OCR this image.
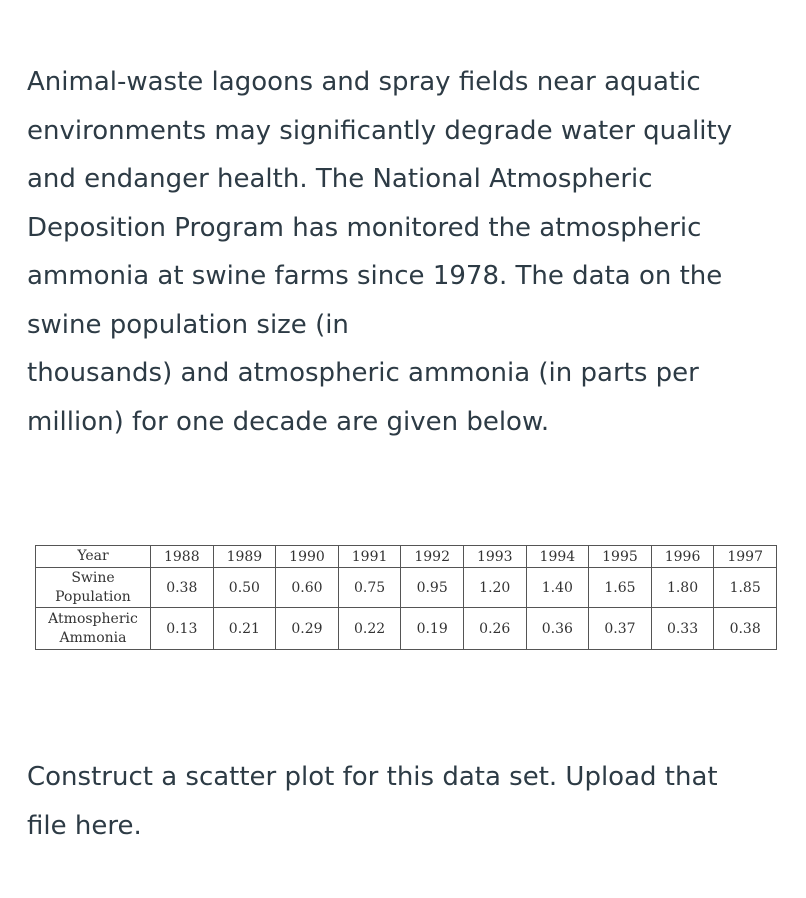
Animal-waste lagoons and spray fields near aquatic
environments may significantly degrade water quality
and endanger health. The National Atmospheric
Deposition Program has monitored the atmospheric
ammonia at swine farms since 1978. The data on the
swine population size (in
thousands) and atmospheric ammonia (in parts per
million) for one decade are given below.
Year	1988	1989	1990	1991	1992	1993	1994	1995	1996	1997
Swine Population	0.38	0.50	0.60	0.75	0.95	1.20	1.40	1.65	1.80	1.85
Atmospheric Ammonia	0.13	0.21	0.29	0.22	0.19	0.26	0.36	0.37	0.33	0.38
Construct a scatter plot for this data set. Upload that
file here.
